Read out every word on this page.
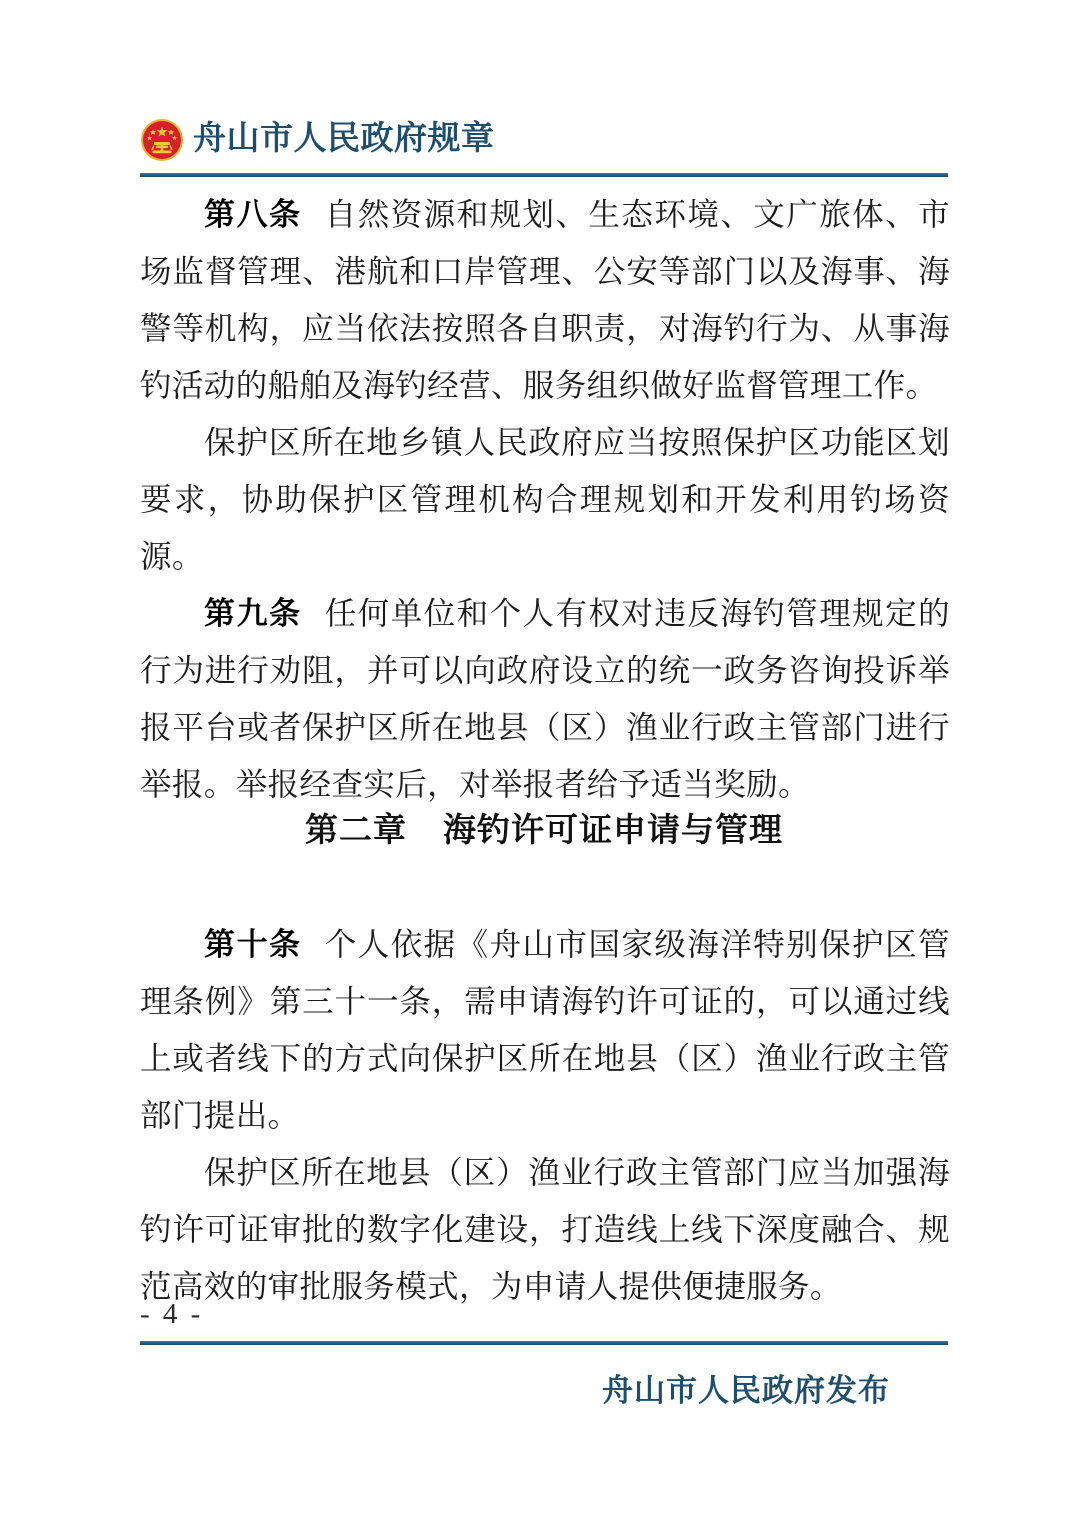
舟山市人民政府规章

第八条 自然资源和规划、生态环境、文广旅体、市场监督管理、港航和口岸管理、公安等部门以及海事、海警等机构，应当依法按照各自职责，对海钓行为、从事海钓活动的船舶及海钓经营、服务组织做好监督管理工作。

保护区所在地乡镇人民政府应当按照保护区功能区划要求，协助保护区管理机构合理规划和开发利用钓场资源。

第九条 任何单位和个人有权对违反海钓管理规定的行为进行劝阻，并可以向政府设立的统一政务咨询投诉举报平台或者保护区所在地县（区）渔业行政主管部门进行举报。举报经查实后，对举报者给予适当奖励。

第二章 海钓许可证申请与管理

第十条 个人依据《舟山市国家级海洋特别保护区管理条例》第三十一条，需申请海钓许可证的，可以通过线上或者线下的方式向保护区所在地县（区）渔业行政主管部门提出。

保护区所在地县（区）渔业行政主管部门应当加强海钓许可证审批的数字化建设，打造线上线下深度融合、规范高效的审批服务模式，为申请人提供便捷服务。

- 4 -
舟山市人民政府发布
